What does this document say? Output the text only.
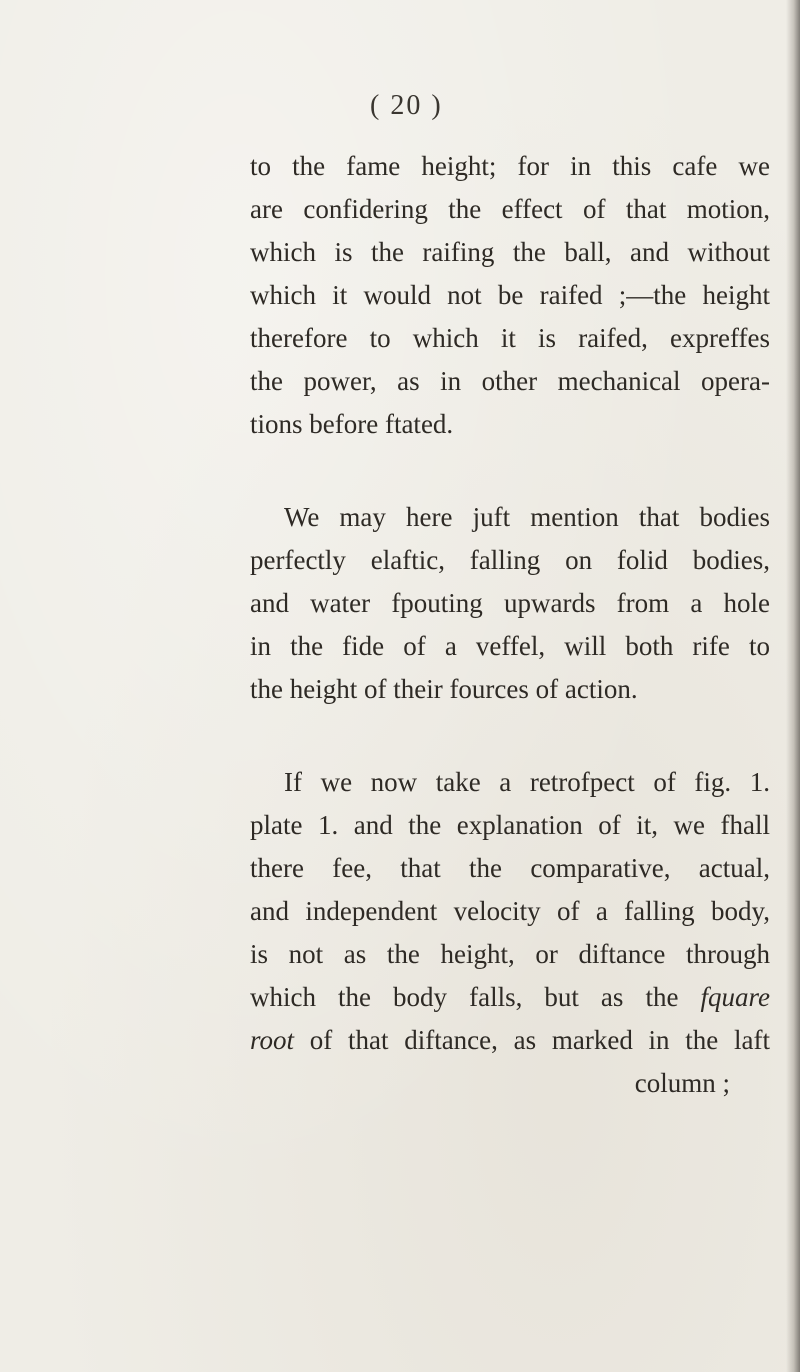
( 20 )
to the fame height; for in this cafe we
are confidering the effect of that motion,
which is the raifing the ball, and without
which it would not be raifed ;—the height
therefore to which it is raifed, expreffes
the power, as in other mechanical opera-
tions before ftated.
We may here juft mention that bodies
perfectly elaftic, falling on folid bodies,
and water fpouting upwards from a hole
in the fide of a veffel, will both rife to
the height of their fources of action.
If we now take a retrofpect of fig. 1.
plate 1. and the explanation of it, we fhall
there fee, that the comparative, actual,
and independent velocity of a falling body,
is not as the height, or diftance through
which the body falls, but as the fquare
root of that diftance, as marked in the laft
column ;
